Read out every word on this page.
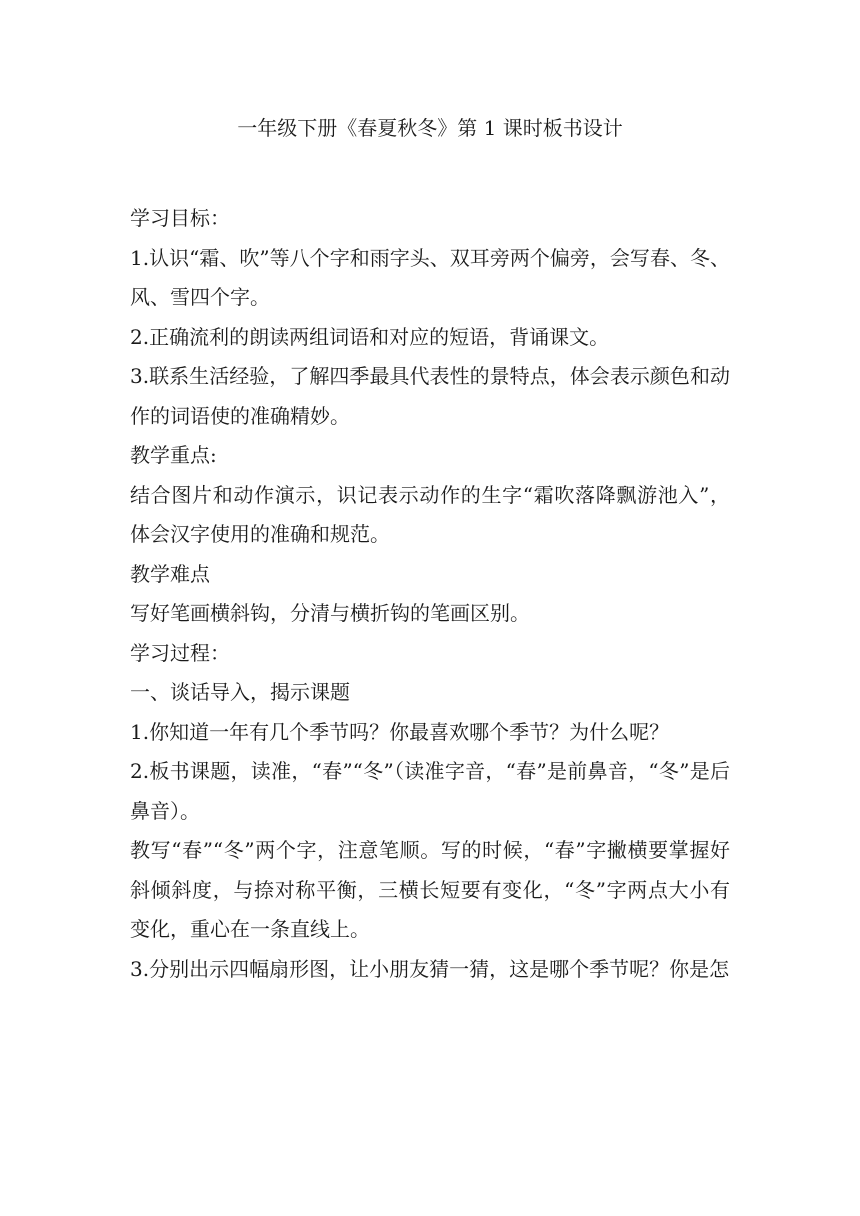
一年级下册《春夏秋冬》第 1 课时板书设计

学习目标：

1.认识“霜、吹”等八个字和雨字头、双耳旁两个偏旁，会写春、冬、风、雪四个字。

2.正确流利的朗读两组词语和对应的短语，背诵课文。

3.联系生活经验，了解四季最具代表性的景特点，体会表示颜色和动作的词语使的准确精妙。

教学重点:

结合图片和动作演示，识记表示动作的生字“霜吹落降飘游池入”，体会汉字使用的准确和规范。

教学难点

写好笔画横斜钩，分清与横折钩的笔画区别。

学习过程：

一、谈话导入，揭示课题

1.你知道一年有几个季节吗？你最喜欢哪个季节？为什么呢？

2.板书课题，读准，“春”“冬”（读准字音，“春”是前鼻音，“冬”是后鼻音）。

教写“春”“冬”两个字，注意笔顺。写的时候，“春”字撇横要掌握好斜倾斜度，与捺对称平衡，三横长短要有变化，“冬”字两点大小有变化，重心在一条直线上。

3.分别出示四幅扇形图，让小朋友猜一猜，这是哪个季节呢？你是怎
